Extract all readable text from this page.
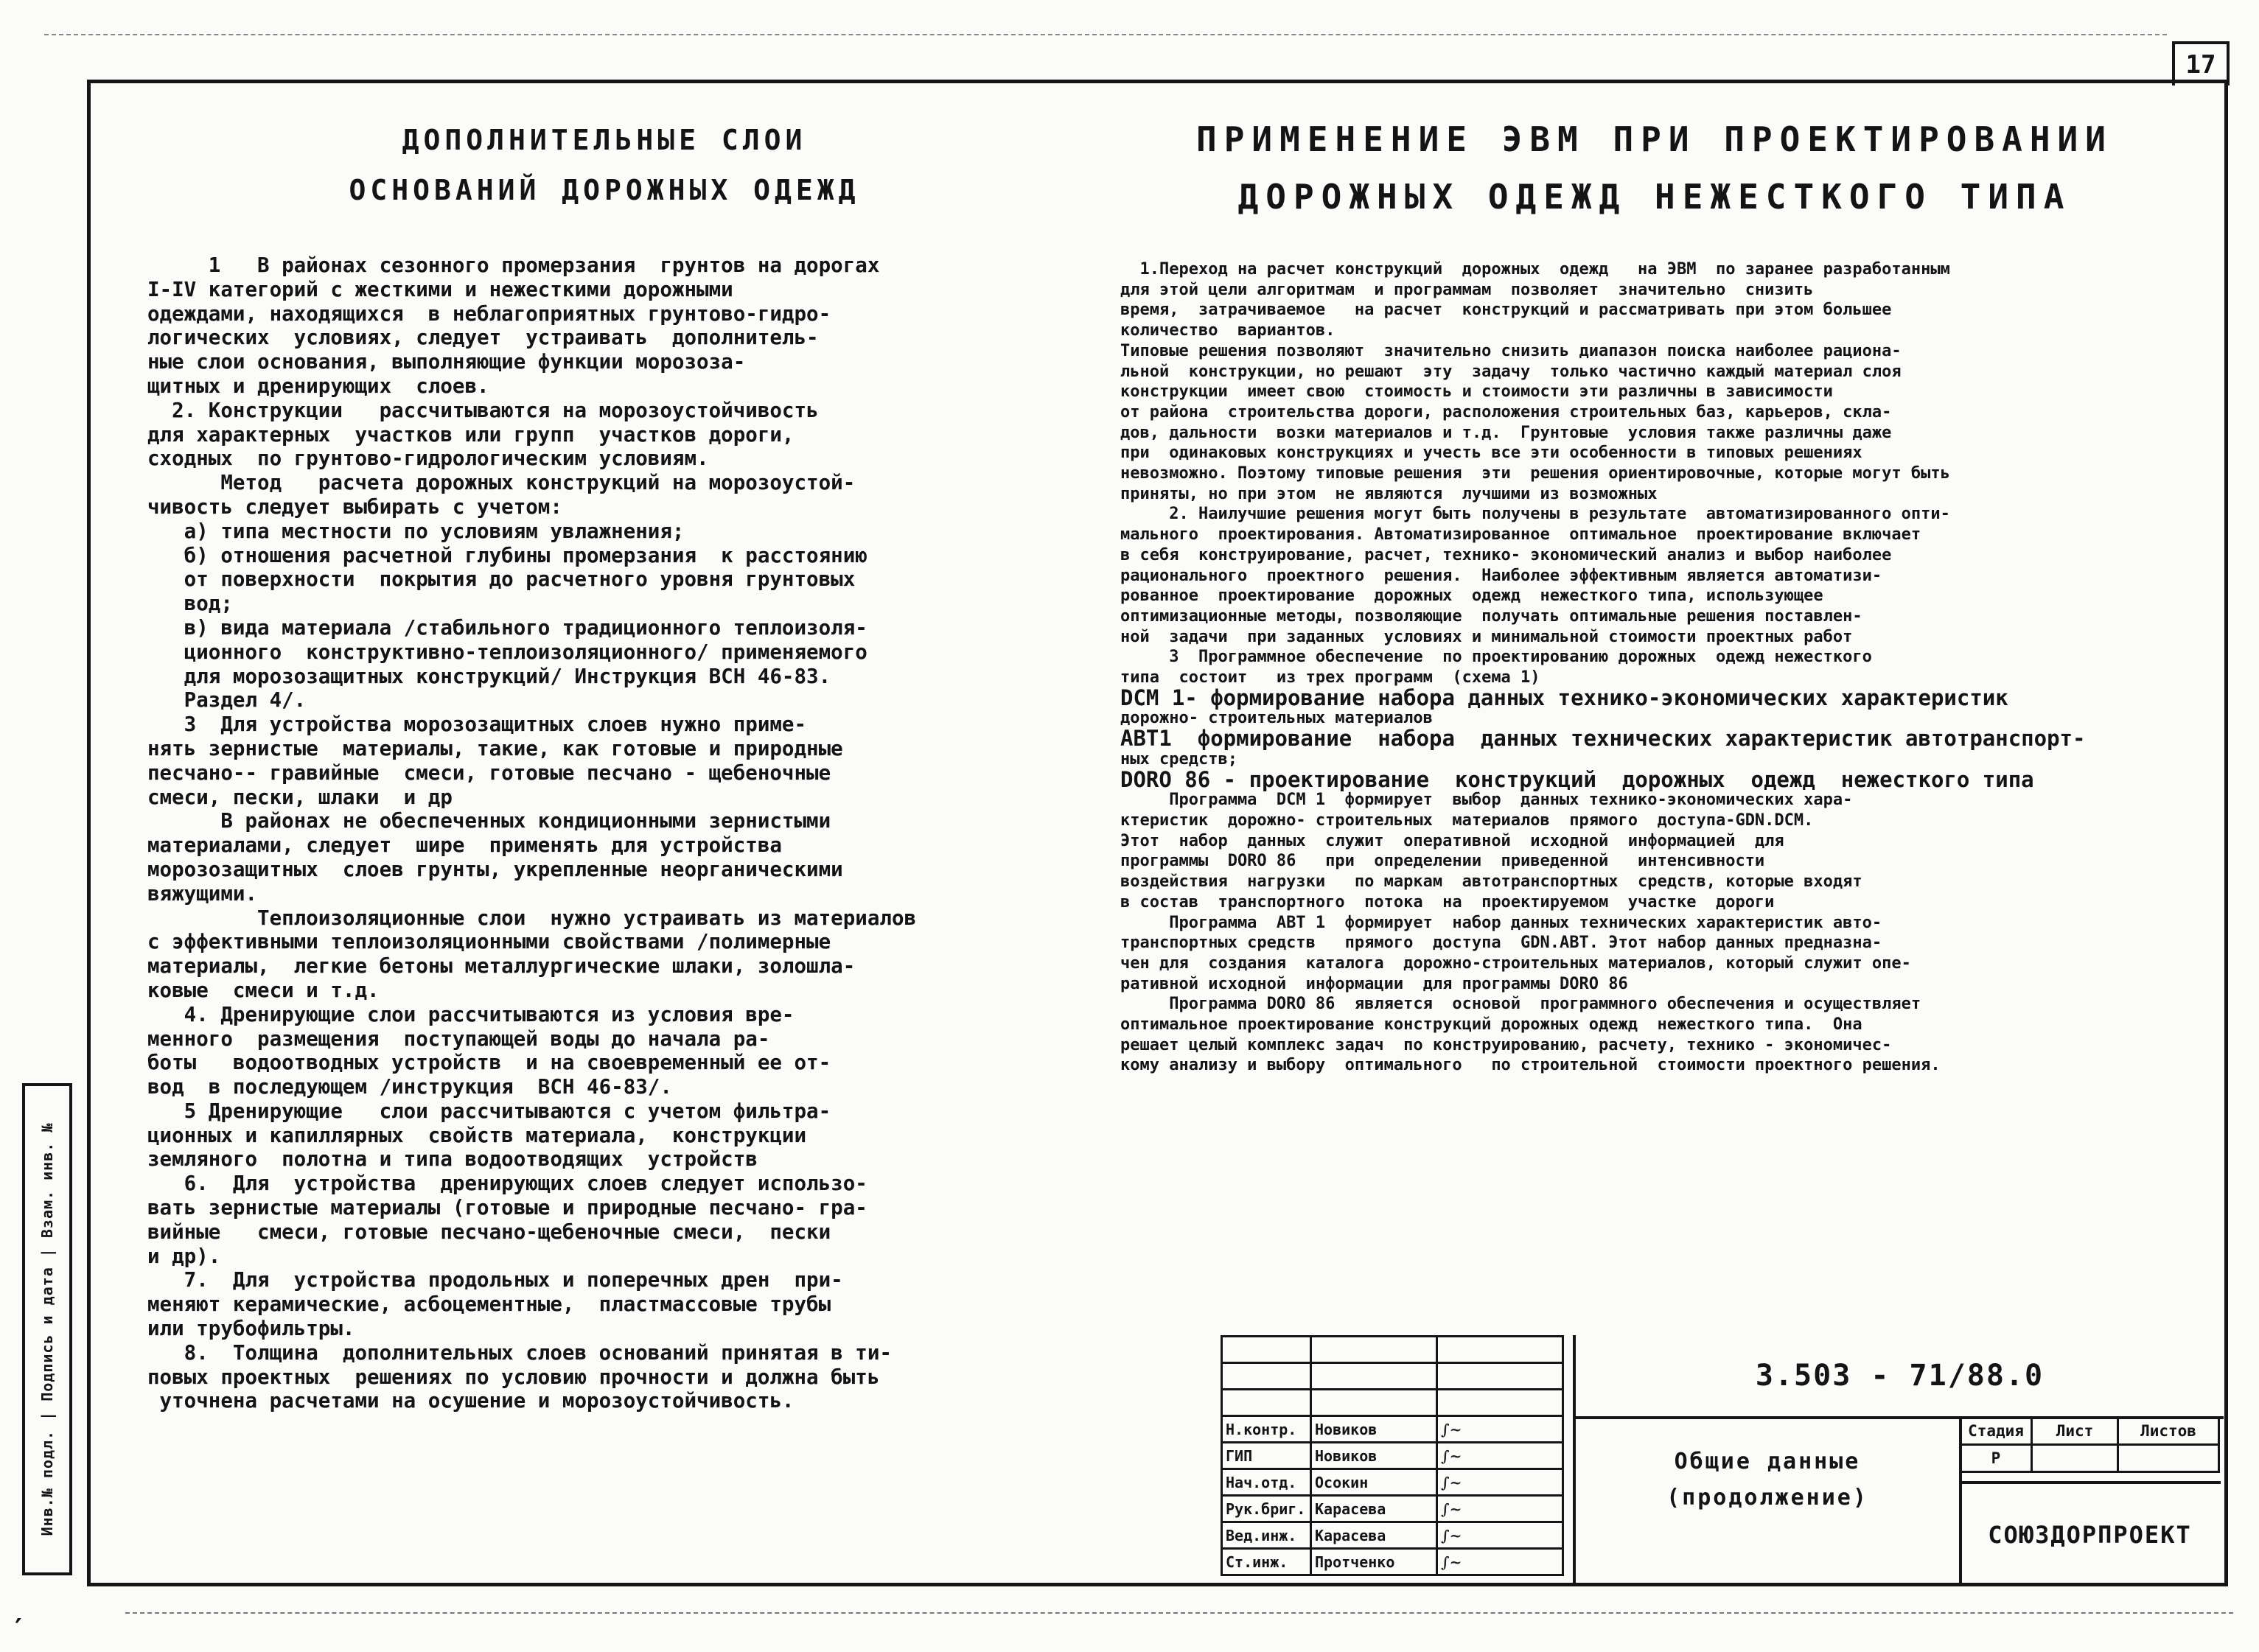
17
Инв.№ подл. | Подпись и дата | Взам. инв. №
ДОПОЛНИТЕЛЬНЫЕ СЛОИ
ОСНОВАНИЙ ДОРОЖНЫХ ОДЕЖД
ПРИМЕНЕНИЕ ЭВМ ПРИ ПРОЕКТИРОВАНИИ
ДОРОЖНЫХ ОДЕЖД НЕЖЕСТКОГО ТИПА

1   В районах сезонного промерзания  грунтов на дорогах

I-IV категорий с жесткими и нежесткими дорожными

одеждами, находящихся  в неблагоприятных грунтово-гидро-

логических  условиях, следует  устраивать  дополнитель-

ные слои основания, выполняющие функции морозоза-

щитных и дренирующих  слоев.

2. Конструкции   рассчитываются на морозоустойчивость

для характерных  участков или групп  участков дороги,

сходных  по грунтово-гидрологическим условиям.

Метод   расчета дорожных конструкций на морозоустой-

чивость следует выбирать с учетом:

а) типа местности по условиям увлажнения;

б) отношения расчетной глубины промерзания  к расстоянию

от поверхности  покрытия до расчетного уровня грунтовых

вод;

в) вида материала /стабильного традиционного теплоизоля-

ционного  конструктивно-теплоизоляционного/ применяемого

для морозозащитных конструкций/ Инструкция ВСН 46-83.

Раздел 4/.

3  Для устройства морозозащитных слоев нужно приме-

нять зернистые  материалы, такие, как готовые и природные

песчано-- гравийные  смеси, готовые песчано - щебеночные

смеси, пески, шлаки  и др

В районах не обеспеченных кондиционными зернистыми

материалами, следует  шире  применять для устройства

морозозащитных  слоев грунты, укрепленные неорганическими

вяжущими.

Теплоизоляционные слои  нужно устраивать из материалов

с эффективными теплоизоляционными свойствами /полимерные

материалы,  легкие бетоны металлургические шлаки, золошла-

ковые  смеси и т.д.

4. Дренирующие слои рассчитываются из условия вре-

менного  размещения  поступающей воды до начала ра-

боты   водоотводных устройств  и на своевременный ее от-

вод  в последующем /инструкция  ВСН 46-83/.

5 Дренирующие   слои рассчитываются с учетом фильтра-

ционных и капиллярных  свойств материала,  конструкции

земляного  полотна и типа водоотводящих  устройств

6.  Для  устройства  дренирующих слоев следует использо-

вать зернистые материалы (готовые и природные песчано- гра-

вийные   смеси, готовые песчано-щебеночные смеси,  пески

и др).

7.  Для  устройства продольных и поперечных дрен  при-

меняют керамические, асбоцементные,  пластмассовые трубы

или трубофильтры.

8.  Толщина  дополнительных слоев оснований принятая в ти-

повых проектных  решениях по условию прочности и должна быть

уточнена расчетами на осушение и морозоустойчивость.

1.Переход на расчет конструкций  дорожных  одежд   на ЭВМ  по заранее разработанным

для этой цели алгоритмам  и программам  позволяет  значительно  снизить

время,  затрачиваемое   на расчет  конструкций и рассматривать при этом большее

количество  вариантов.

Типовые решения позволяют  значительно снизить диапазон поиска наиболее рациона-

льной  конструкции, но решают  эту  задачу  только частично каждый материал слоя

конструкции  имеет свою  стоимость и стоимости эти различны в зависимости

от района  строительства дороги, расположения строительных баз, карьеров, скла-

дов, дальности  возки материалов и т.д.  Грунтовые  условия также различны даже

при  одинаковых конструкциях и учесть все эти особенности в типовых решениях

невозможно. Поэтому типовые решения  эти  решения ориентировочные, которые могут быть

приняты, но при этом  не являются  лучшими из возможных

2. Наилучшие решения могут быть получены в результате  автоматизированного опти-

мального  проектирования. Автоматизированное  оптимальное  проектирование включает

в себя  конструирование, расчет, технико- экономический анализ и выбор наиболее

рационального  проектного  решения.  Наиболее эффективным является автоматизи-

рованное  проектирование  дорожных  одежд  нежесткого типа, использующее

оптимизационные методы, позволяющие  получать оптимальные решения поставлен-

ной  задачи  при заданных  условиях и минимальной стоимости проектных работ

3  Программное обеспечение  по проектированию дорожных  одежд нежесткого

типа  состоит   из трех программ  (схема 1)

DCM 1- формирование набора данных технико-экономических характеристик

дорожно- строительных материалов

ABT1  формирование  набора  данных технических характеристик автотранспорт-

ных средств;

DORO 86 - проектирование  конструкций  дорожных  одежд  нежесткого типа

Программа  DCM 1  формирует  выбор  данных технико-экономических хара-

ктеристик  дорожно- строительных  материалов  прямого  доступа-GDN.DCM.

Этот  набор  данных  служит  оперативной  исходной  информацией  для

программы  DORO 86   при  определении  приведенной   интенсивности

воздействия  нагрузки   по маркам  автотранспортных  средств, которые входят

в состав  транспортного  потока  на  проектируемом  участке  дороги

Программа  ABT 1  формирует  набор данных технических характеристик авто-

транспортных средств   прямого  доступа  GDN.ABT. Этот набор данных предназна-

чен для  создания  каталога  дорожно-строительных материалов, который служит опе-

ративной исходной  информации  для программы DORO 86

Программа DORO 86  является  основой  программного обеспечения и осуществляет

оптимальное проектирование конструкций дорожных одежд  нежесткого типа.  Она

решает целый комплекс задач  по конструированию, расчету, технико - экономичес-

кому анализу и выбору  оптимального   по строительной  стоимости проектного решения.

Н.контр.	Новиков	∫~
ГИП	Новиков	∫~
Нач.отд.	Осокин	∫~
Рук.бриг.	Карасева	∫~
Вед.инж.	Карасева	∫~
Ст.инж.	Протченко	∫~
3.503 - 71/88.0
Общие данные
(продолжение)
Стадия	Лист	Листов
Р		
СОЮЗДОРПРОЕКТ
′
